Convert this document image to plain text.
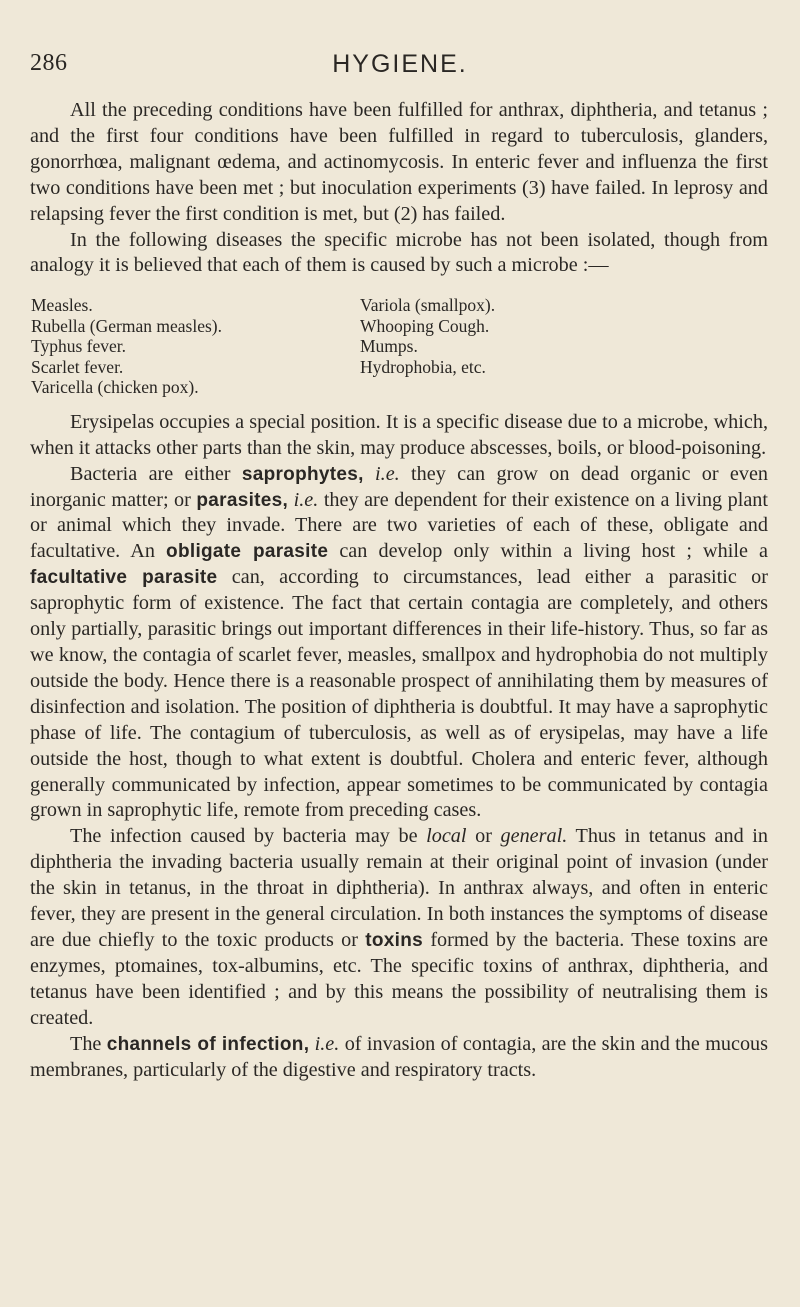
286	HYGIENE.

All the preceding conditions have been fulfilled for anthrax, diphtheria, and tetanus ; and the first four conditions have been fulfilled in regard to tuberculosis, glanders, gonorrhœa, malignant œdema, and actinomycosis. In enteric fever and influenza the first two conditions have been met ; but inoculation experiments (3) have failed. In leprosy and relapsing fever the first condition is met, but (2) has failed.

In the following diseases the specific microbe has not been isolated, though from analogy it is believed that each of them is caused by such a microbe :—

Measles.
Rubella (German measles).
Typhus fever.
Scarlet fever.
Varicella (chicken pox).
Variola (smallpox).
Whooping Cough.
Mumps.
Hydrophobia, etc.

Erysipelas occupies a special position. It is a specific disease due to a microbe, which, when it attacks other parts than the skin, may produce abscesses, boils, or blood-poisoning.

Bacteria are either saprophytes, i.e. they can grow on dead organic or even inorganic matter; or parasites, i.e. they are dependent for their existence on a living plant or animal which they invade. There are two varieties of each of these, obligate and facultative. An obligate parasite can develop only within a living host ; while a facultative parasite can, according to circumstances, lead either a parasitic or saprophytic form of existence. The fact that certain contagia are completely, and others only partially, parasitic brings out important differences in their life-history. Thus, so far as we know, the contagia of scarlet fever, measles, smallpox and hydrophobia do not multiply outside the body. Hence there is a reasonable prospect of annihilating them by measures of disinfection and isolation. The position of diphtheria is doubtful. It may have a saprophytic phase of life. The contagium of tuberculosis, as well as of erysipelas, may have a life outside the host, though to what extent is doubtful. Cholera and enteric fever, although generally communicated by infection, appear sometimes to be communicated by contagia grown in saprophytic life, remote from preceding cases.

The infection caused by bacteria may be local or general. Thus in tetanus and in diphtheria the invading bacteria usually remain at their original point of invasion (under the skin in tetanus, in the throat in diphtheria). In anthrax always, and often in enteric fever, they are present in the general circulation. In both instances the symptoms of disease are due chiefly to the toxic products or toxins formed by the bacteria. These toxins are enzymes, ptomaines, tox-albumins, etc. The specific toxins of anthrax, diphtheria, and tetanus have been identified ; and by this means the possibility of neutralising them is created.

The channels of infection, i.e. of invasion of contagia, are the skin and the mucous membranes, particularly of the digestive and respiratory tracts.
